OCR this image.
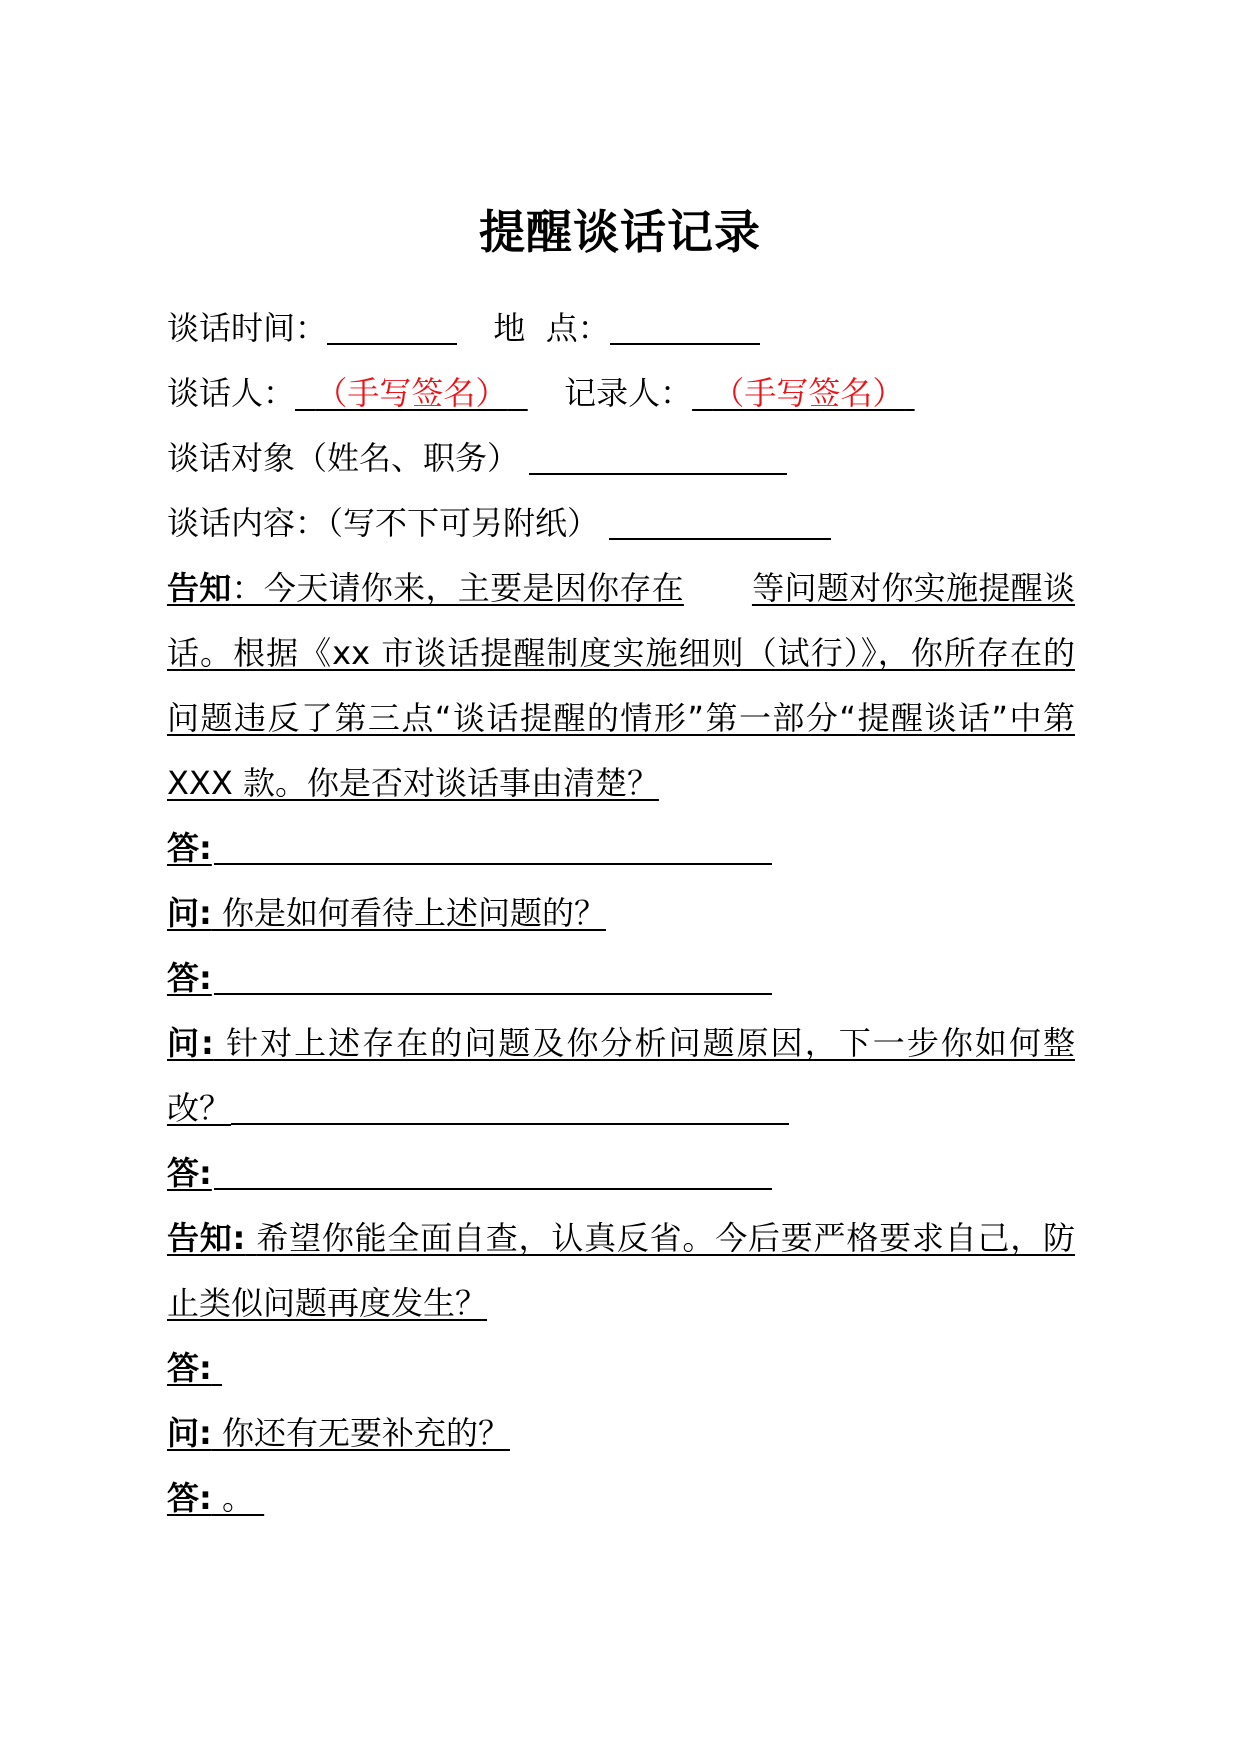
提醒谈话记录
谈话时间：	地  点：
谈话人： （手写签名） 记录人： （手写签名）
谈话对象（姓名、职务）
谈话内容：（写不下可另附纸）
告知：今天请你来，主要是因你存在 等问题对你实施提醒谈话。根据《xx 市谈话提醒制度实施细则（试行）》，你所存在的问题违反了第三点“谈话提醒的情形”第一部分“提醒谈话”中第 XXX 款。你是否对谈话事由清楚？
答:
问: 你是如何看待上述问题的？
答:
问: 针对上述存在的问题及你分析问题原因，下一步你如何整改？
答:
告知: 希望你能全面自查，认真反省。今后要严格要求自己，防止类似问题再度发生？
答:
问: 你还有无要补充的？
答: 。
